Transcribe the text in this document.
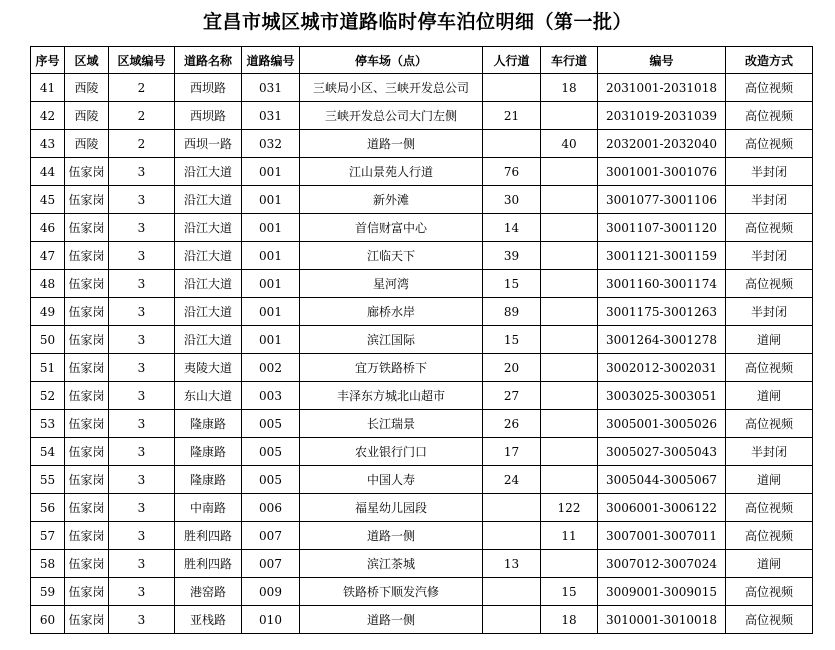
宜昌市城区城市道路临时停车泊位明细（第一批）
序号	区域	区域编号	道路名称	道路编号	停车场（点）	人行道	车行道	编号	改造方式
41	西陵	2	西坝路	031	三峡局小区、三峡开发总公司		18	2031001-2031018	高位视频
42	西陵	2	西坝路	031	三峡开发总公司大门左侧	21		2031019-2031039	高位视频
43	西陵	2	西坝一路	032	道路一侧		40	2032001-2032040	高位视频
44	伍家岗	3	沿江大道	001	江山景苑人行道	76		3001001-3001076	半封闭
45	伍家岗	3	沿江大道	001	新外滩	30		3001077-3001106	半封闭
46	伍家岗	3	沿江大道	001	首信财富中心	14		3001107-3001120	高位视频
47	伍家岗	3	沿江大道	001	江临天下	39		3001121-3001159	半封闭
48	伍家岗	3	沿江大道	001	星河湾	15		3001160-3001174	高位视频
49	伍家岗	3	沿江大道	001	廊桥水岸	89		3001175-3001263	半封闭
50	伍家岗	3	沿江大道	001	滨江国际	15		3001264-3001278	道闸
51	伍家岗	3	夷陵大道	002	宜万铁路桥下	20		3002012-3002031	高位视频
52	伍家岗	3	东山大道	003	丰泽东方城北山超市	27		3003025-3003051	道闸
53	伍家岗	3	隆康路	005	长江瑞景	26		3005001-3005026	高位视频
54	伍家岗	3	隆康路	005	农业银行门口	17		3005027-3005043	半封闭
55	伍家岗	3	隆康路	005	中国人寿	24		3005044-3005067	道闸
56	伍家岗	3	中南路	006	福星幼儿园段		122	3006001-3006122	高位视频
57	伍家岗	3	胜利四路	007	道路一侧		11	3007001-3007011	高位视频
58	伍家岗	3	胜利四路	007	滨江茶城	13		3007012-3007024	道闸
59	伍家岗	3	港窑路	009	铁路桥下顺发汽修		15	3009001-3009015	高位视频
60	伍家岗	3	亚栈路	010	道路一侧		18	3010001-3010018	高位视频
